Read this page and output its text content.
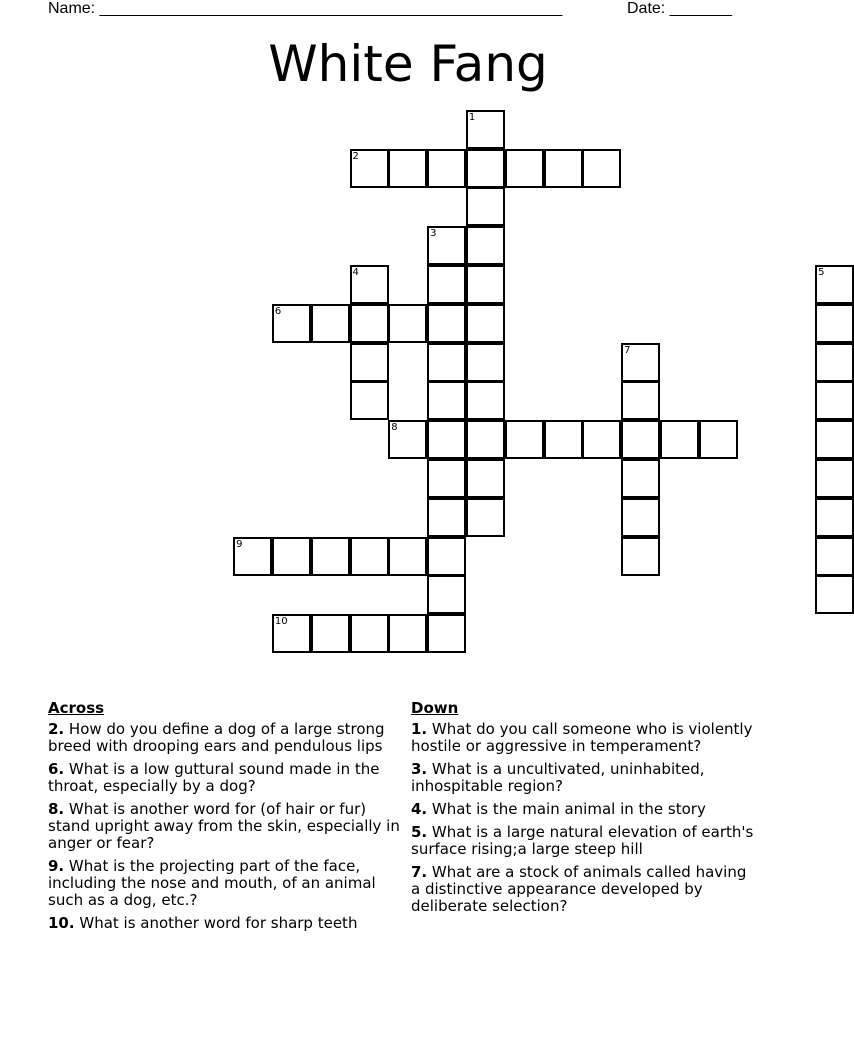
Name: ____________________________________________________	Date: _______
White Fang
2
1
3
4
6
8
7
5
9
10
Across
2. How do you define a dog of a large strong breed with drooping ears and pendulous lips
6. What is a low guttural sound made in the throat, especially by a dog?
8. What is another word for (of hair or fur) stand upright away from the skin, especially in anger or fear?
9. What is the projecting part of the face, including the nose and mouth, of an animal such as a dog, etc.?
10. What is another word for sharp teeth
Down
1. What do you call someone who is violently hostile or aggressive in temperament?
3. What is a uncultivated, uninhabited, inhospitable region?
4. What is the main animal in the story
5. What is a large natural elevation of earth's surface rising;a large steep hill
7. What are a stock of animals called having a distinctive appearance developed by deliberate selection?
